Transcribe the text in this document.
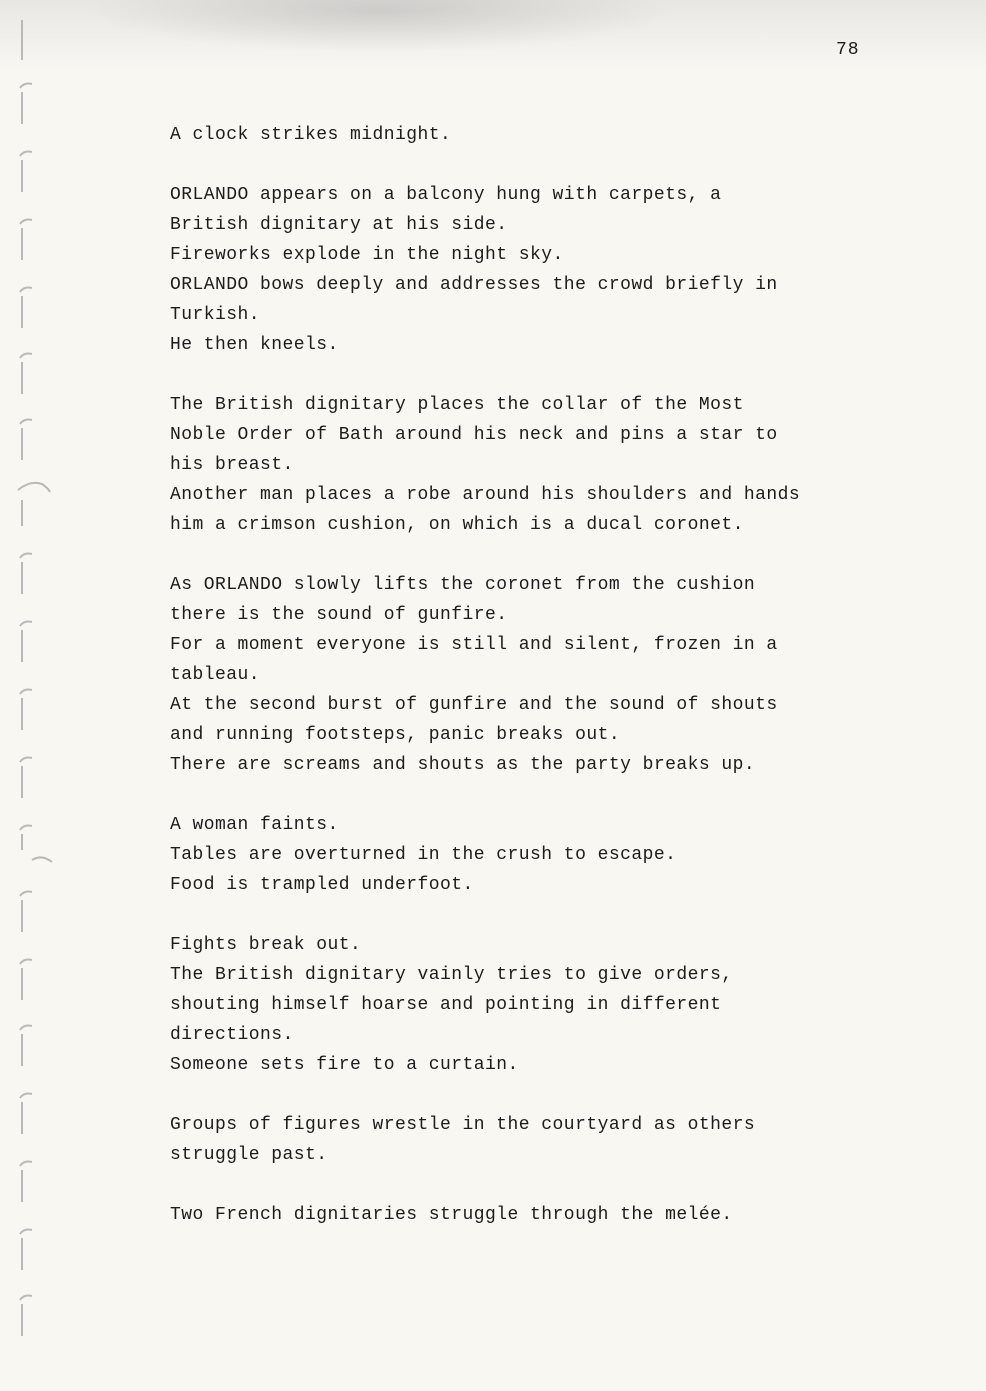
78
A clock strikes midnight.
ORLANDO appears on a balcony hung with carpets, a
British dignitary at his side.
Fireworks explode in the night sky.
ORLANDO bows deeply and addresses the crowd briefly in
Turkish.
He then kneels.
The British dignitary places the collar of the Most
Noble Order of Bath around his neck and pins a star to
his breast.
Another man places a robe around his shoulders and hands
him a crimson cushion, on which is a ducal coronet.
As ORLANDO slowly lifts the coronet from the cushion
there is the sound of gunfire.
For a moment everyone is still and silent, frozen in a
tableau.
At the second burst of gunfire and the sound of shouts
and running footsteps, panic breaks out.
There are screams and shouts as the party breaks up.
A woman faints.
Tables are overturned in the crush to escape.
Food is trampled underfoot.
Fights break out.
The British dignitary vainly tries to give orders,
shouting himself hoarse and pointing in different
directions.
Someone sets fire to a curtain.
Groups of figures wrestle in the courtyard as others
struggle past.
Two French dignitaries struggle through the melée.
